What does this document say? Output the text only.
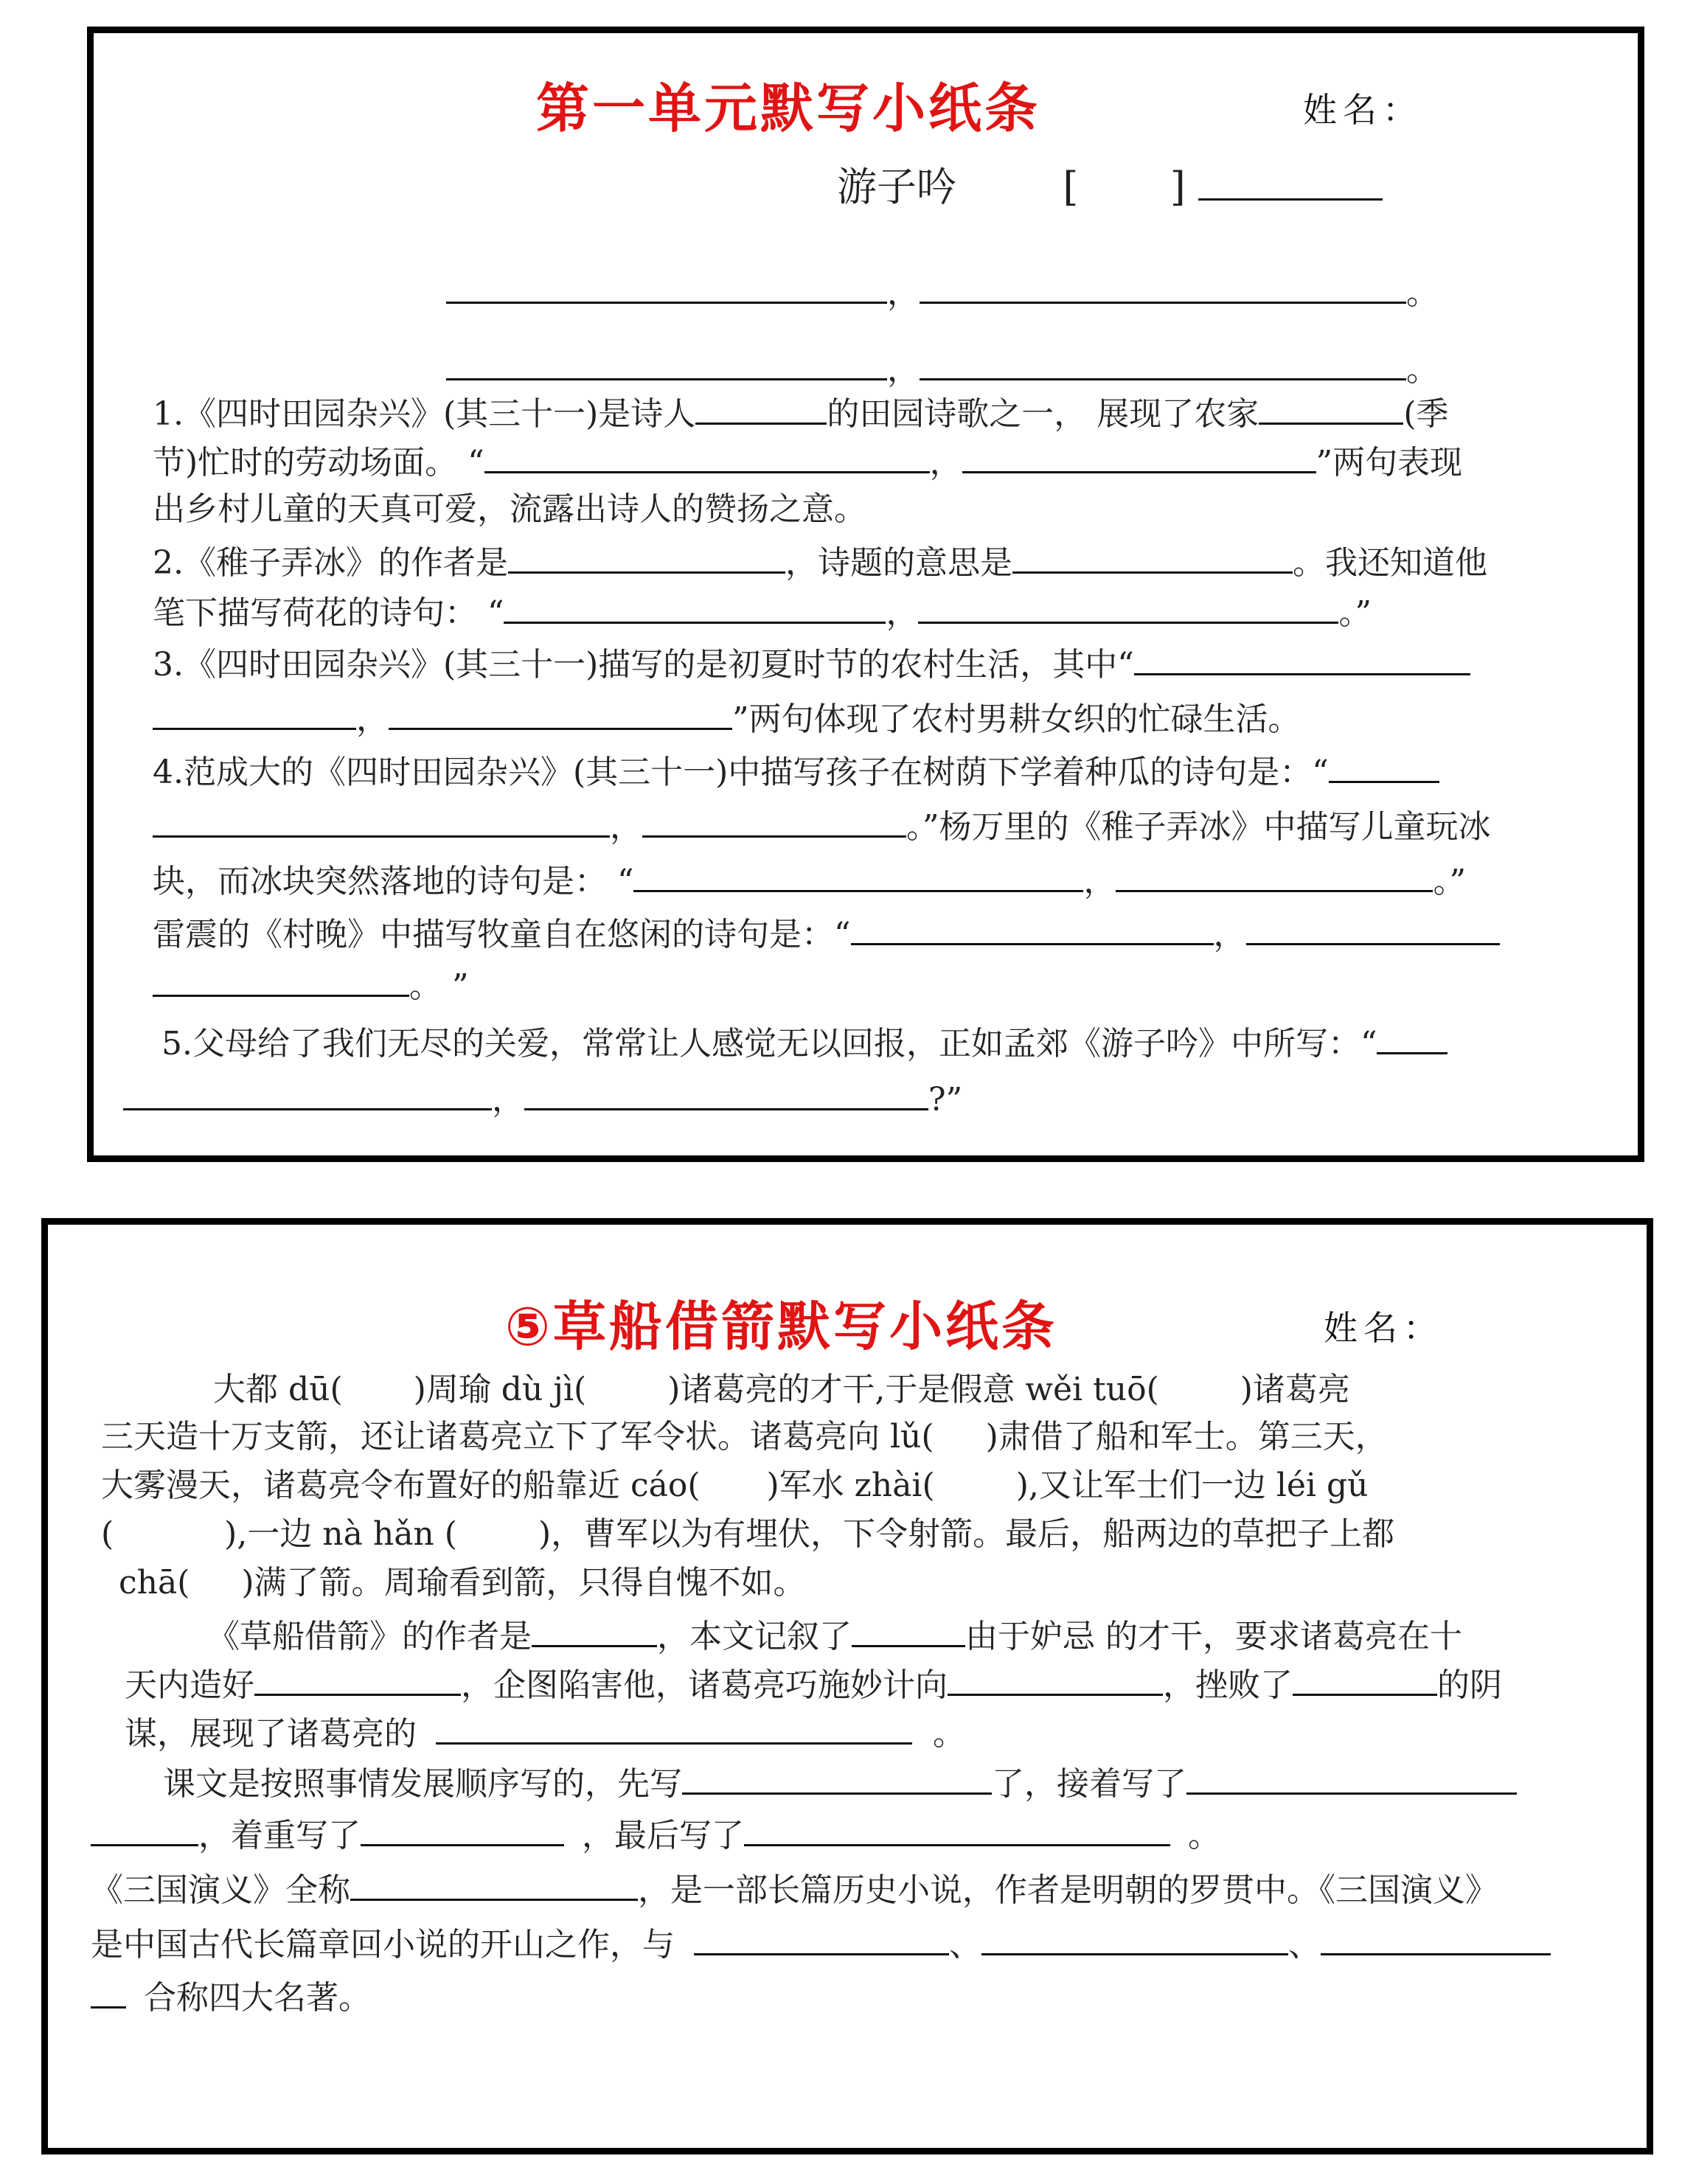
第一单元默写小纸条	姓名：
游子吟	[ ]
，	。
，	。
1.《四时田园杂兴》(其三十一)是诗人	的田园诗歌之一， 展现了农家	(季
节)忙时的劳动场面。 “	，	”两句表现
出乡村儿童的天真可爱，流露出诗人的赞扬之意。
2.《稚子弄冰》的作者是	，诗题的意思是	。我还知道他
笔下描写荷花的诗句： “	，	。”
3.《四时田园杂兴》(其三十一)描写的是初夏时节的农村生活，其中“
，	”两句体现了农村男耕女织的忙碌生活。
4.范成大的《四时田园杂兴》(其三十一)中描写孩子在树荫下学着种瓜的诗句是：“
，	。”杨万里的《稚子弄冰》中描写儿童玩冰
块，而冰块突然落地的诗句是： “	，	。”
雷震的《村晚》中描写牧童自在悠闲的诗句是：“	，
。 ”
5.父母给了我们无尽的关爱，常常让人感觉无以回报，正如孟郊《游子吟》中所写：“
，	?”
⑤草船借箭默写小纸条	姓名：
大都 dū( )周瑜 dù jì(	)诸葛亮的才干,于是假意 wěi tuō(	)诸葛亮
三天造十万支箭，还让诸葛亮立下了军令状。诸葛亮向 lǔ( )肃借了船和军士。第三天，
大雾漫天，诸葛亮令布置好的船靠近 cáo( )军水 zhài(	),又让军士们一边 léi gǔ
(	),一边 nà hǎn (	)，曹军以为有埋伏，下令射箭。最后，船两边的草把子上都
chā( )满了箭。周瑜看到箭，只得自愧不如。
《草船借箭》的作者是	，本文记叙了	由于妒忌 的才干，要求诸葛亮在十
天内造好	，企图陷害他，诸葛亮巧施妙计向	，挫败了	的阴
谋，展现了诸葛亮的	。
课文是按照事情发展顺序写的，先写	了，接着写了
，着重写了	，最后写了	。
《三国演义》全称	，是一部长篇历史小说，作者是明朝的罗贯中。《三国演义》
是中国古代长篇章回小说的开山之作，与	、	、
合称四大名著。
